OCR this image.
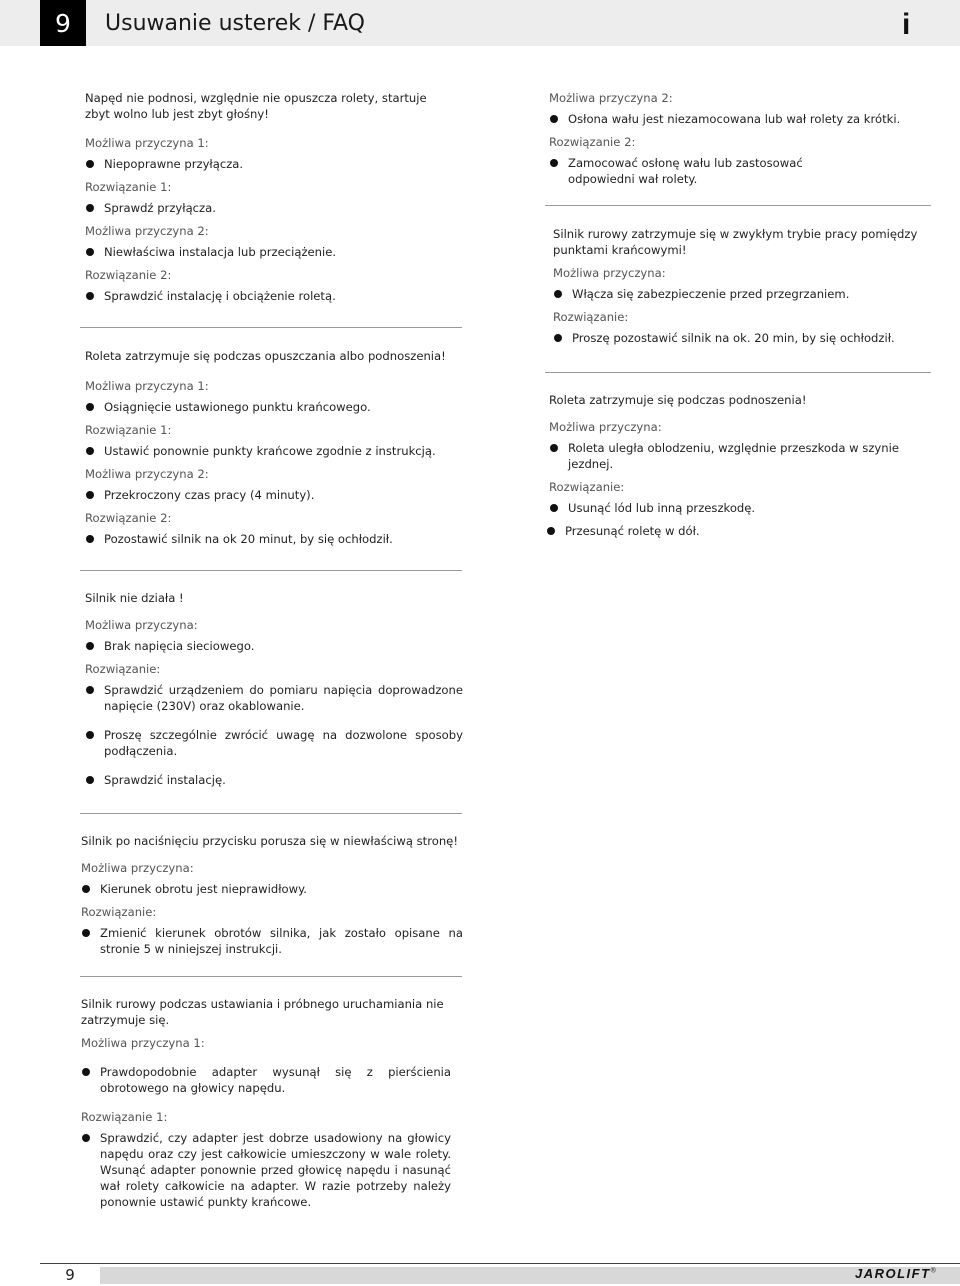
9	Usuwanie usterek / FAQ	i

Napęd nie podnosi, względnie nie opuszcza rolety, startuje zbyt wolno lub jest zbyt głośny!

Możliwa przyczyna 1:

Niepoprawne przyłącza.

Rozwiązanie 1:

Sprawdź przyłącza.

Możliwa przyczyna 2:

Niewłaściwa instalacja lub przeciążenie.

Rozwiązanie 2:

Sprawdzić instalację i obciążenie roletą.

Roleta zatrzymuje się podczas opuszczania albo podnoszenia!

Możliwa przyczyna 1:

Osiągnięcie ustawionego punktu krańcowego.

Rozwiązanie 1:

Ustawić ponownie punkty krańcowe zgodnie z instrukcją.

Możliwa przyczyna 2:

Przekroczony czas pracy (4 minuty).

Rozwiązanie 2:

Pozostawić silnik na ok 20 minut, by się ochłodził.

Silnik nie działa !

Możliwa przyczyna:

Brak napięcia sieciowego.

Rozwiązanie:

Sprawdzić urządzeniem do pomiaru napięcia doprowadzone napięcie (230V) oraz okablowanie.

Proszę szczególnie zwrócić uwagę na dozwolone sposoby podłączenia.

Sprawdzić instalację.

Silnik po naciśnięciu przycisku porusza się w niewłaściwą stronę!

Możliwa przyczyna:

Kierunek obrotu jest nieprawidłowy.

Rozwiązanie:

Zmienić kierunek obrotów silnika, jak zostało opisane na stronie 5 w niniejszej instrukcji.

Silnik rurowy podczas ustawiania i próbnego uruchamiania nie zatrzymuje się.

Możliwa przyczyna 1:

Prawdopodobnie adapter wysunął się z pierścienia obrotowego na głowicy napędu.

Rozwiązanie 1:

Sprawdzić, czy adapter jest dobrze usadowiony na głowicy napędu oraz czy jest całkowicie umieszczony w wale rolety. Wsunąć adapter ponownie przed głowicę napędu i nasunąć wał rolety całkowicie na adapter. W razie potrzeby należy ponownie ustawić punkty krańcowe.

Możliwa przyczyna 2:

Osłona wału jest niezamocowana lub wał rolety za krótki.

Rozwiązanie 2:

Zamocować osłonę wału lub zastosować odpowiedni wał rolety.

Silnik rurowy zatrzymuje się w zwykłym trybie pracy pomiędzy punktami krańcowymi!

Możliwa przyczyna:

Włącza się zabezpieczenie przed przegrzaniem.

Rozwiązanie:

Proszę pozostawić silnik na ok. 20 min, by się ochłodził.

Roleta zatrzymuje się podczas podnoszenia!

Możliwa przyczyna:

Roleta uległa oblodzeniu, względnie przeszkoda w szynie jezdnej.

Rozwiązanie:

Usunąć lód lub inną przeszkodę.

Przesunąć roletę w dół.

9	JAROLIFT®
